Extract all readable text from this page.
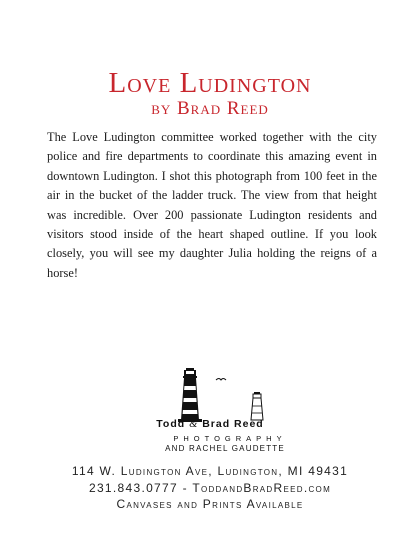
Love Ludington
by Brad Reed

The Love Ludington committee worked together with the city police and fire departments to coordinate this amazing event in downtown Ludington. I shot this photograph from 100 feet in the air in the bucket of the ladder truck. The view from that height was incredible. Over 200 passionate Ludington residents and visitors stood inside of the heart shaped outline. If you look closely, you will see my daughter Julia holding the reigns of a horse!

Todd & Brad Reed
PHOTOGRAPHY
AND RACHEL GAUDETTE
114 W. Ludington Ave, Ludington, MI 49431
231.843.0777 - ToddandBradReed.com
Canvases and Prints Available
